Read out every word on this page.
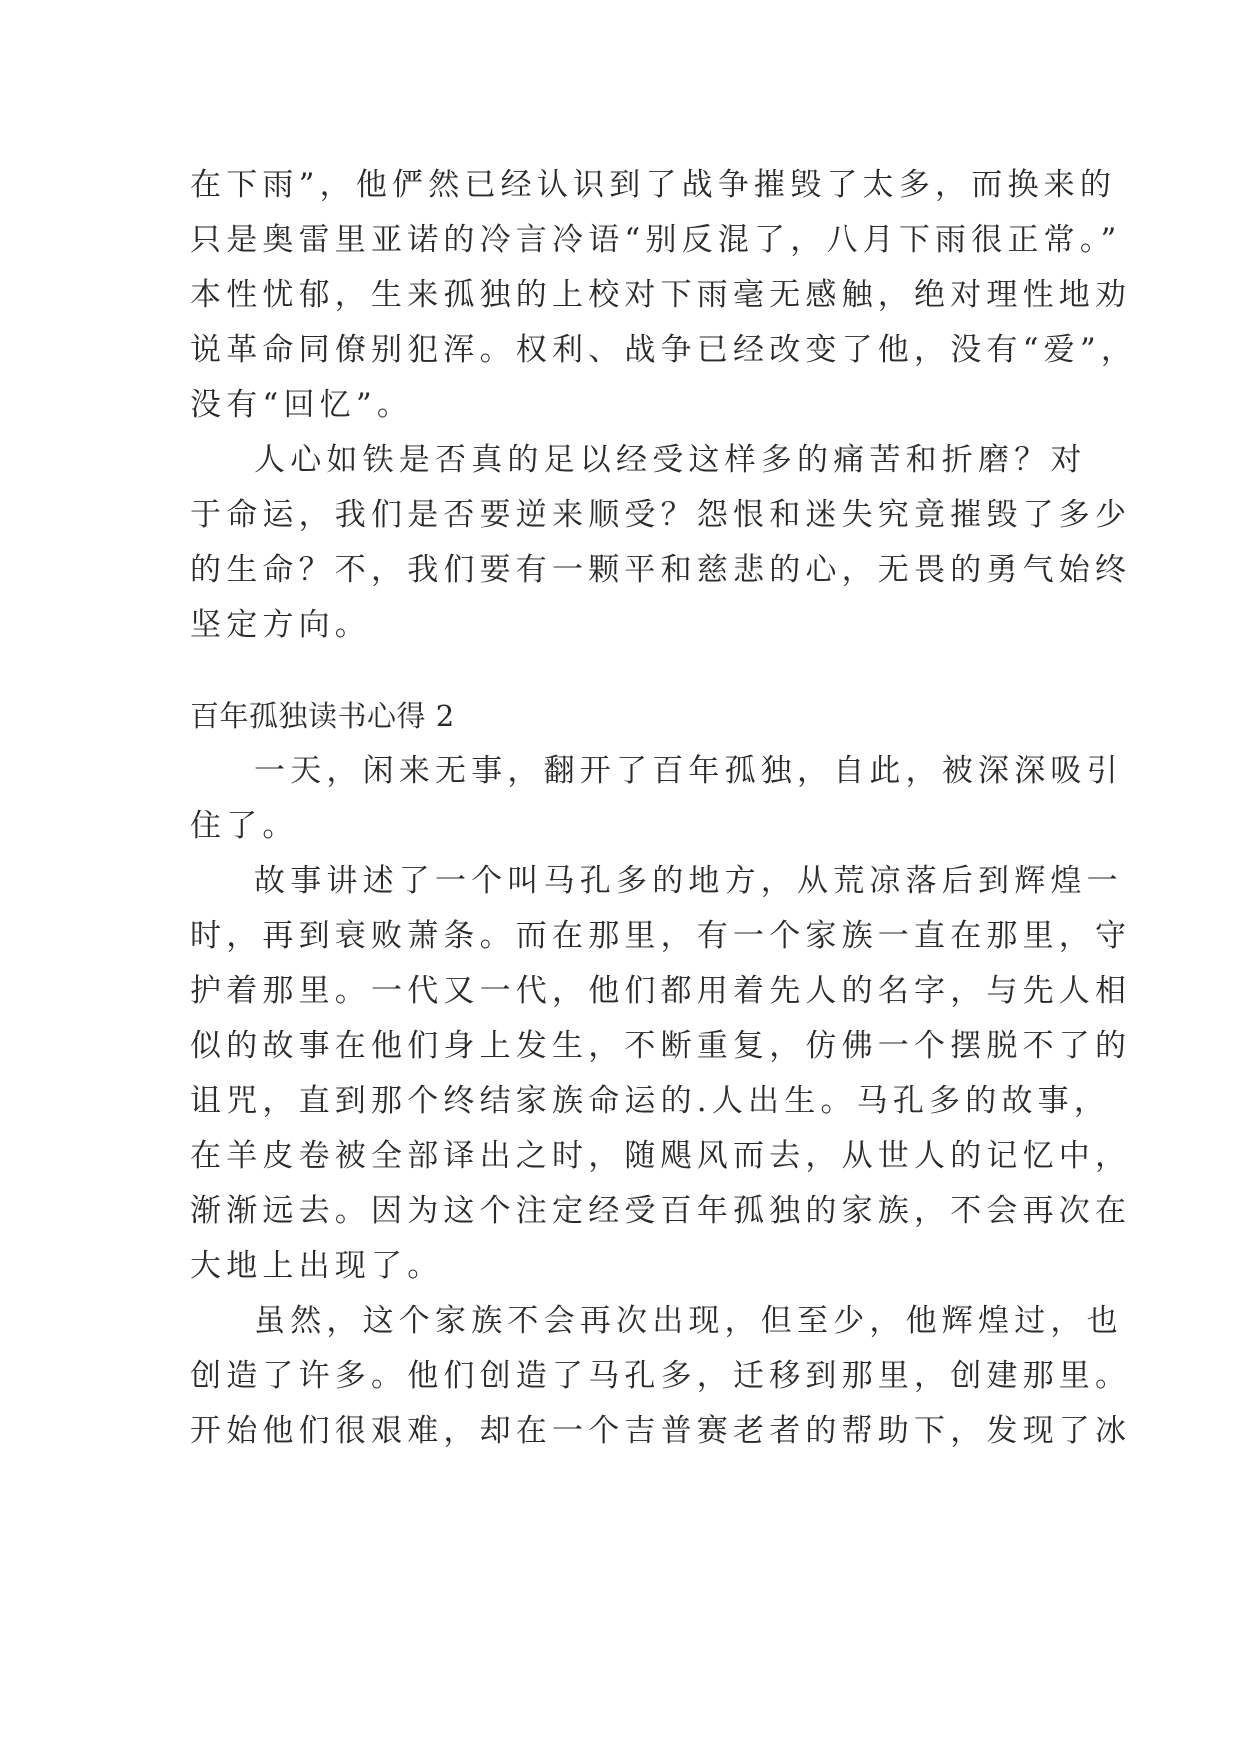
在下雨”，他俨然已经认识到了战争摧毁了太多，而换来的
只是奥雷里亚诺的冷言冷语“别反混了，八月下雨很正常。”
本性忧郁，生来孤独的上校对下雨毫无感触，绝对理性地劝
说革命同僚别犯浑。权利、战争已经改变了他，没有“爱”，
没有“回忆”。
人心如铁是否真的足以经受这样多的痛苦和折磨？对
于命运，我们是否要逆来顺受？怨恨和迷失究竟摧毁了多少
的生命？不，我们要有一颗平和慈悲的心，无畏的勇气始终
坚定方向。
百年孤独读书心得 2
一天，闲来无事，翻开了百年孤独，自此，被深深吸引
住了。
故事讲述了一个叫马孔多的地方，从荒凉落后到辉煌一
时，再到衰败萧条。而在那里，有一个家族一直在那里，守
护着那里。一代又一代，他们都用着先人的名字，与先人相
似的故事在他们身上发生，不断重复，仿佛一个摆脱不了的
诅咒，直到那个终结家族命运的.人出生。马孔多的故事，
在羊皮卷被全部译出之时，随飓风而去，从世人的记忆中，
渐渐远去。因为这个注定经受百年孤独的家族，不会再次在
大地上出现了。
虽然，这个家族不会再次出现，但至少，他辉煌过，也
创造了许多。他们创造了马孔多，迁移到那里，创建那里。
开始他们很艰难，却在一个吉普赛老者的帮助下，发现了冰
